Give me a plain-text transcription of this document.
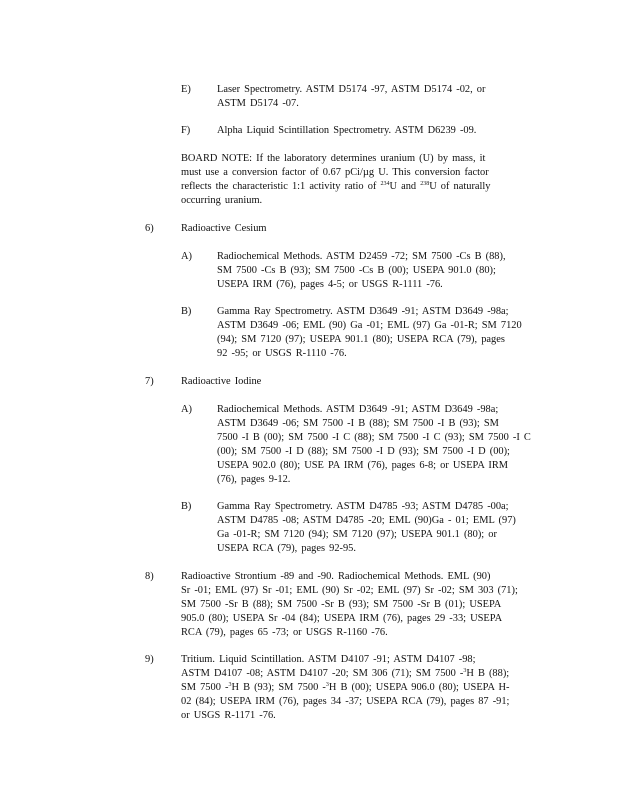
E)	Laser Spectrometry. ASTM D5174 -97, ASTM D5174 -02, or
ASTM D5174 -07.
F)	Alpha Liquid Scintillation Spectrometry. ASTM D6239 -09.
BOARD NOTE: If the laboratory determines uranium (U) by mass, it
must use a conversion factor of 0.67 pCi/µg U. This conversion factor
reflects the characteristic 1:1 activity ratio of $^{234}$U and $^{238}$U of naturally
occurring uranium.
6)	Radioactive Cesium
A) Radiochemical Methods. ASTM D2459 -72; SM 7500 -Cs B (88),
SM 7500 -Cs B (93); SM 7500 -Cs B (00); USEPA 901.0 (80);
USEPA IRM (76), pages 4-5; or USGS R-1111 -76.
B) Gamma Ray Spectrometry. ASTM D3649 -91; ASTM D3649 -98a;
ASTM D3649 -06; EML (90) Ga -01; EML (97) Ga -01-R; SM 7120
(94); SM 7120 (97); USEPA 901.1 (80); USEPA RCA (79), pages
92 -95; or USGS R-1110 -76.
7)	Radioactive Iodine
A) Radiochemical Methods. ASTM D3649 -91; ASTM D3649 -98a;
ASTM D3649 -06; SM 7500 -I B (88); SM 7500 -I B (93); SM
7500 -I B (00); SM 7500 -I C (88); SM 7500 -I C (93); SM 7500 -I C
(00); SM 7500 -I D (88); SM 7500 -I D (93); SM 7500 -I D (00);
USEPA 902.0 (80); USE PA IRM (76), pages 6-8; or USEPA IRM
(76), pages 9-12.
B) Gamma Ray Spectrometry. ASTM D4785 -93; ASTM D4785 -00a;
ASTM D4785 -08; ASTM D4785 -20; EML (90)Ga - 01; EML (97)
Ga -01-R; SM 7120 (94); SM 7120 (97); USEPA 901.1 (80); or
USEPA RCA (79), pages 92-95.
8)	Radioactive Strontium -89 and -90. Radiochemical Methods. EML (90)
Sr -01; EML (97) Sr -01; EML (90) Sr -02; EML (97) Sr -02; SM 303 (71);
SM 7500 -Sr B (88); SM 7500 -Sr B (93); SM 7500 -Sr B (01); USEPA
905.0 (80); USEPA Sr -04 (84); USEPA IRM (76), pages 29 -33; USEPA
RCA (79), pages 65 -73; or USGS R-1160 -76.
9)	Tritium. Liquid Scintillation. ASTM D4107 -91; ASTM D4107 -98;
ASTM D4107 -08; ASTM D4107 -20; SM 306 (71); SM 7500 -$^3$H B (88);
SM 7500 -$^3$H B (93); SM 7500 -$^3$H B (00); USEPA 906.0 (80); USEPA H-
02 (84); USEPA IRM (76), pages 34 -37; USEPA RCA (79), pages 87 -91;
or USGS R-1171 -76.
